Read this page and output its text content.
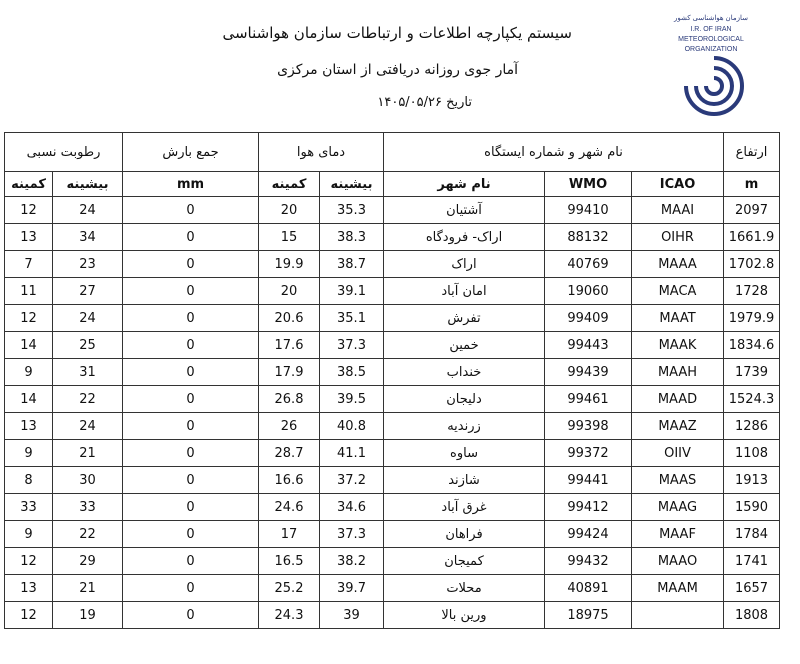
سیستم یکپارچه اطلاعات و ارتباطات سازمان هواشناسی
آمار جوی روزانه دریافتی از استان مرکزی
تاریخ ۱۴۰۵/۰۵/۲۶
سازمان هواشناسی کشور
I.R. OF IRAN
METEOROLOGICAL
ORGANIZATION
رطوبت نسبی		جمع بارش	دمای هوا		نام شهر و شماره ایستگاه			ارتفاع
کمینه	بیشینه	mm	کمینه	بیشینه	نام شهر	WMO	ICAO	m
12	24	0	20	35.3	آشتیان	99410	MAAI	2097
13	34	0	15	38.3	اراک- فرودگاه	88132	OIHR	1661.9
7	23	0	19.9	38.7	اراک	40769	MAAA	1702.8
11	27	0	20	39.1	امان آباد	19060	MACA	1728
12	24	0	20.6	35.1	تفرش	99409	MAAT	1979.9
14	25	0	17.6	37.3	خمین	99443	MAAK	1834.6
9	31	0	17.9	38.5	خنداب	99439	MAAH	1739
14	22	0	26.8	39.5	دلیجان	99461	MAAD	1524.3
13	24	0	26	40.8	زرندیه	99398	MAAZ	1286
9	21	0	28.7	41.1	ساوه	99372	OIIV	1108
8	30	0	16.6	37.2	شازند	99441	MAAS	1913
33	33	0	24.6	34.6	غرق آباد	99412	MAAG	1590
9	22	0	17	37.3	فراهان	99424	MAAF	1784
12	29	0	16.5	38.2	کمیجان	99432	MAAO	1741
13	21	0	25.2	39.7	محلات	40891	MAAM	1657
12	19	0	24.3	39	ورین بالا	18975		1808
